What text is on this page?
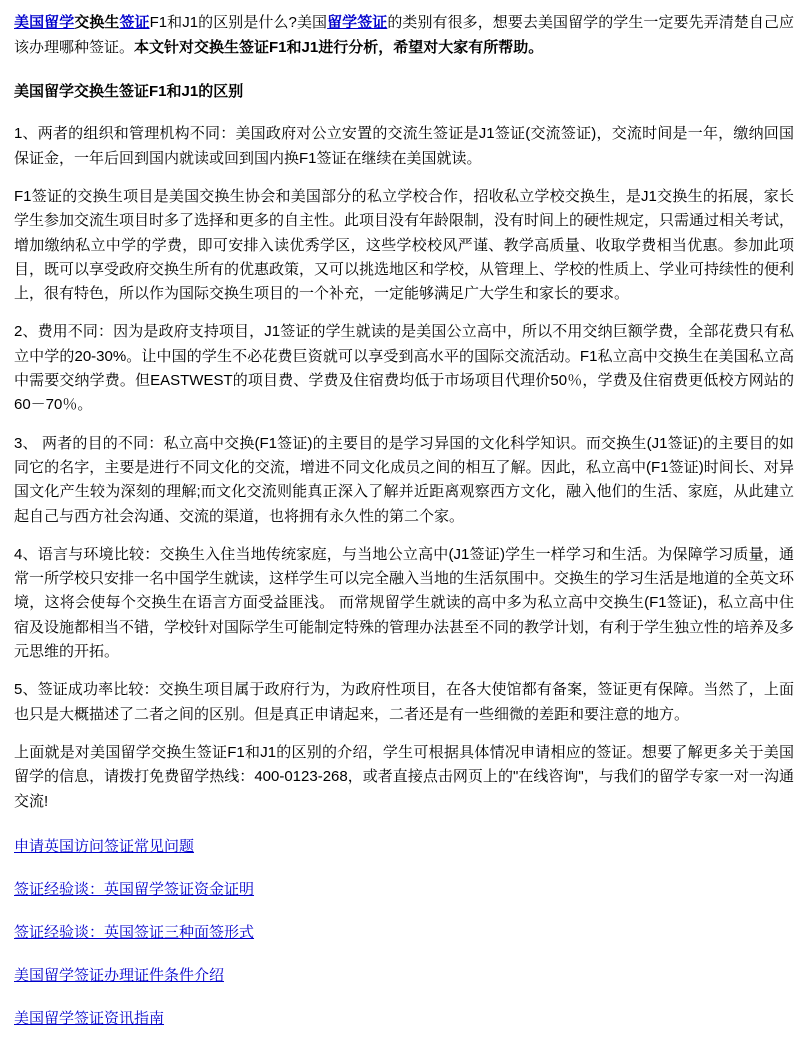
美国留学交换生签证F1和J1的区别是什么?美国留学签证的类别有很多，想要去美国留学的学生一定要先弄清楚自己应该办理哪种签证。本文针对交换生签证F1和J1进行分析，希望对大家有所帮助。

美国留学交换生签证F1和J1的区别

1、两者的组织和管理机构不同：美国政府对公立安置的交流生签证是J1签证(交流签证)，交流时间是一年，缴纳回国保证金，一年后回到国内就读或回到国内换F1签证在继续在美国就读。

F1签证的交换生项目是美国交换生协会和美国部分的私立学校合作，招收私立学校交换生，是J1交换生的拓展，家长学生参加交流生项目时多了选择和更多的自主性。此项目没有年龄限制，没有时间上的硬性规定，只需通过相关考试，增加缴纳私立中学的学费，即可安排入读优秀学区，这些学校校风严谨、教学高质量、收取学费相当优惠。参加此项目，既可以享受政府交换生所有的优惠政策，又可以挑选地区和学校，从管理上、学校的性质上、学业可持续性的便利上，很有特色，所以作为国际交换生项目的一个补充，一定能够满足广大学生和家长的要求。

2、费用不同：因为是政府支持项目，J1签证的学生就读的是美国公立高中，所以不用交纳巨额学费，全部花费只有私立中学的20-30%。让中国的学生不必花费巨资就可以享受到高水平的国际交流活动。F1私立高中交换生在美国私立高中需要交纳学费。但EASTWEST的项目费、学费及住宿费均低于市场项目代理价50％，学费及住宿费更低校方网站的60－70％。

3、 两者的目的不同：私立高中交换(F1签证)的主要目的是学习异国的文化科学知识。而交换生(J1签证)的主要目的如同它的名字，主要是进行不同文化的交流，增进不同文化成员之间的相互了解。因此，私立高中(F1签证)时间长、对异国文化产生较为深刻的理解;而文化交流则能真正深入了解并近距离观察西方文化，融入他们的生活、家庭，从此建立起自己与西方社会沟通、交流的渠道，也将拥有永久性的第二个家。

4、语言与环境比较：交换生入住当地传统家庭，与当地公立高中(J1签证)学生一样学习和生活。为保障学习质量，通常一所学校只安排一名中国学生就读，这样学生可以完全融入当地的生活氛围中。交换生的学习生活是地道的全英文环境，这将会使每个交换生在语言方面受益匪浅。 而常规留学生就读的高中多为私立高中交换生(F1签证)，私立高中住宿及设施都相当不错，学校针对国际学生可能制定特殊的管理办法甚至不同的教学计划，有利于学生独立性的培养及多元思维的开拓。

5、签证成功率比较：交换生项目属于政府行为，为政府性项目，在各大使馆都有备案，签证更有保障。当然了，上面也只是大概描述了二者之间的区别。但是真正申请起来，二者还是有一些细微的差距和要注意的地方。

上面就是对美国留学交换生签证F1和J1的区别的介绍，学生可根据具体情况申请相应的签证。想要了解更多关于美国留学的信息，请拨打免费留学热线：400-0123-268，或者直接点击网页上的"在线咨询"，与我们的留学专家一对一沟通交流!

申请英国访问签证常见问题
签证经验谈：英国留学签证资金证明
签证经验谈：英国签证三种面签形式
美国留学签证办理证件条件介绍
美国留学签证资讯指南
